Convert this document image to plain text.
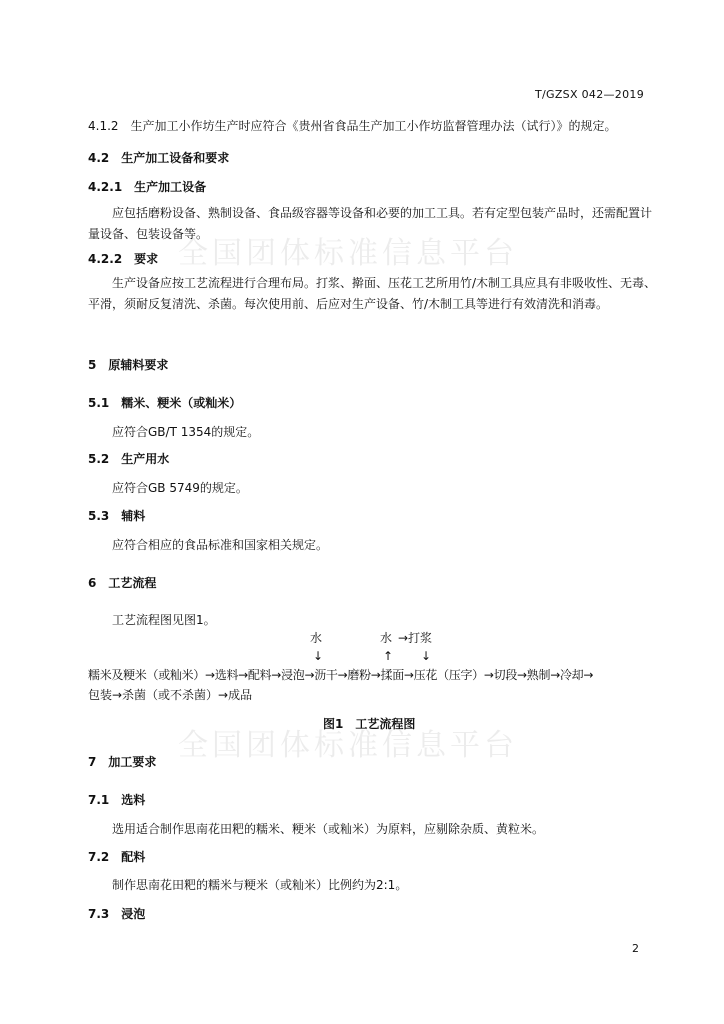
全国团体标准信息平台
全国团体标准信息平台
T/GZSX 042—2019
4.1.2　生产加工小作坊生产时应符合《贵州省食品生产加工小作坊监督管理办法（试行）》的规定。
4.2　生产加工设备和要求
4.2.1　生产加工设备
应包括磨粉设备、熟制设备、食品级容器等设备和必要的加工工具。若有定型包装产品时，还需配置计量设备、包装设备等。
4.2.2　要求
生产设备应按工艺流程进行合理布局。打浆、擀面、压花工艺所用竹/木制工具应具有非吸收性、无毒、平滑，须耐反复清洗、杀菌。每次使用前、后应对生产设备、竹/木制工具等进行有效清洗和消毒。
5　原辅料要求
5.1　糯米、粳米（或籼米）
应符合GB/T 1354的规定。
5.2　生产用水
应符合GB 5749的规定。
5.3　辅料
应符合相应的食品标准和国家相关规定。
6　工艺流程
工艺流程图见图1。
水	水 →打浆
↓	↑ ↓
糯米及粳米（或籼米）→选料→配料→浸泡→沥干→磨粉→揉面→压花（压字）→切段→熟制→冷却→
包装→杀菌（或不杀菌）→成品
图1　工艺流程图
7　加工要求
7.1　选料
选用适合制作思南花田粑的糯米、粳米（或籼米）为原料，应剔除杂质、黄粒米。
7.2　配料
制作思南花田粑的糯米与粳米（或籼米）比例约为2:1。
7.3　浸泡
2
